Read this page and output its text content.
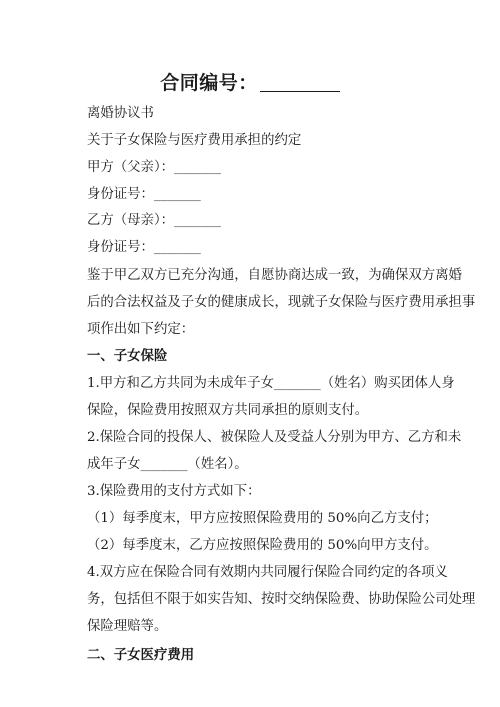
合同编号：
离婚协议书
关于子女保险与医疗费用承担的约定
甲方（父亲）：_______
身份证号：_______
乙方（母亲）：_______
身份证号：_______
鉴于甲乙双方已充分沟通，自愿协商达成一致，为确保双方离婚
后的合法权益及子女的健康成长，现就子女保险与医疗费用承担事
项作出如下约定：
一、子女保险
1.甲方和乙方共同为未成年子女_______（姓名）购买团体人身
保险，保险费用按照双方共同承担的原则支付。
2.保险合同的投保人、被保险人及受益人分别为甲方、乙方和未
成年子女_______（姓名）。
3.保险费用的支付方式如下：
（1）每季度末，甲方应按照保险费用的 50%向乙方支付；
（2）每季度末，乙方应按照保险费用的 50%向甲方支付。
4.双方应在保险合同有效期内共同履行保险合同约定的各项义
务，包括但不限于如实告知、按时交纳保险费、协助保险公司处理
保险理赔等。
二、子女医疗费用
